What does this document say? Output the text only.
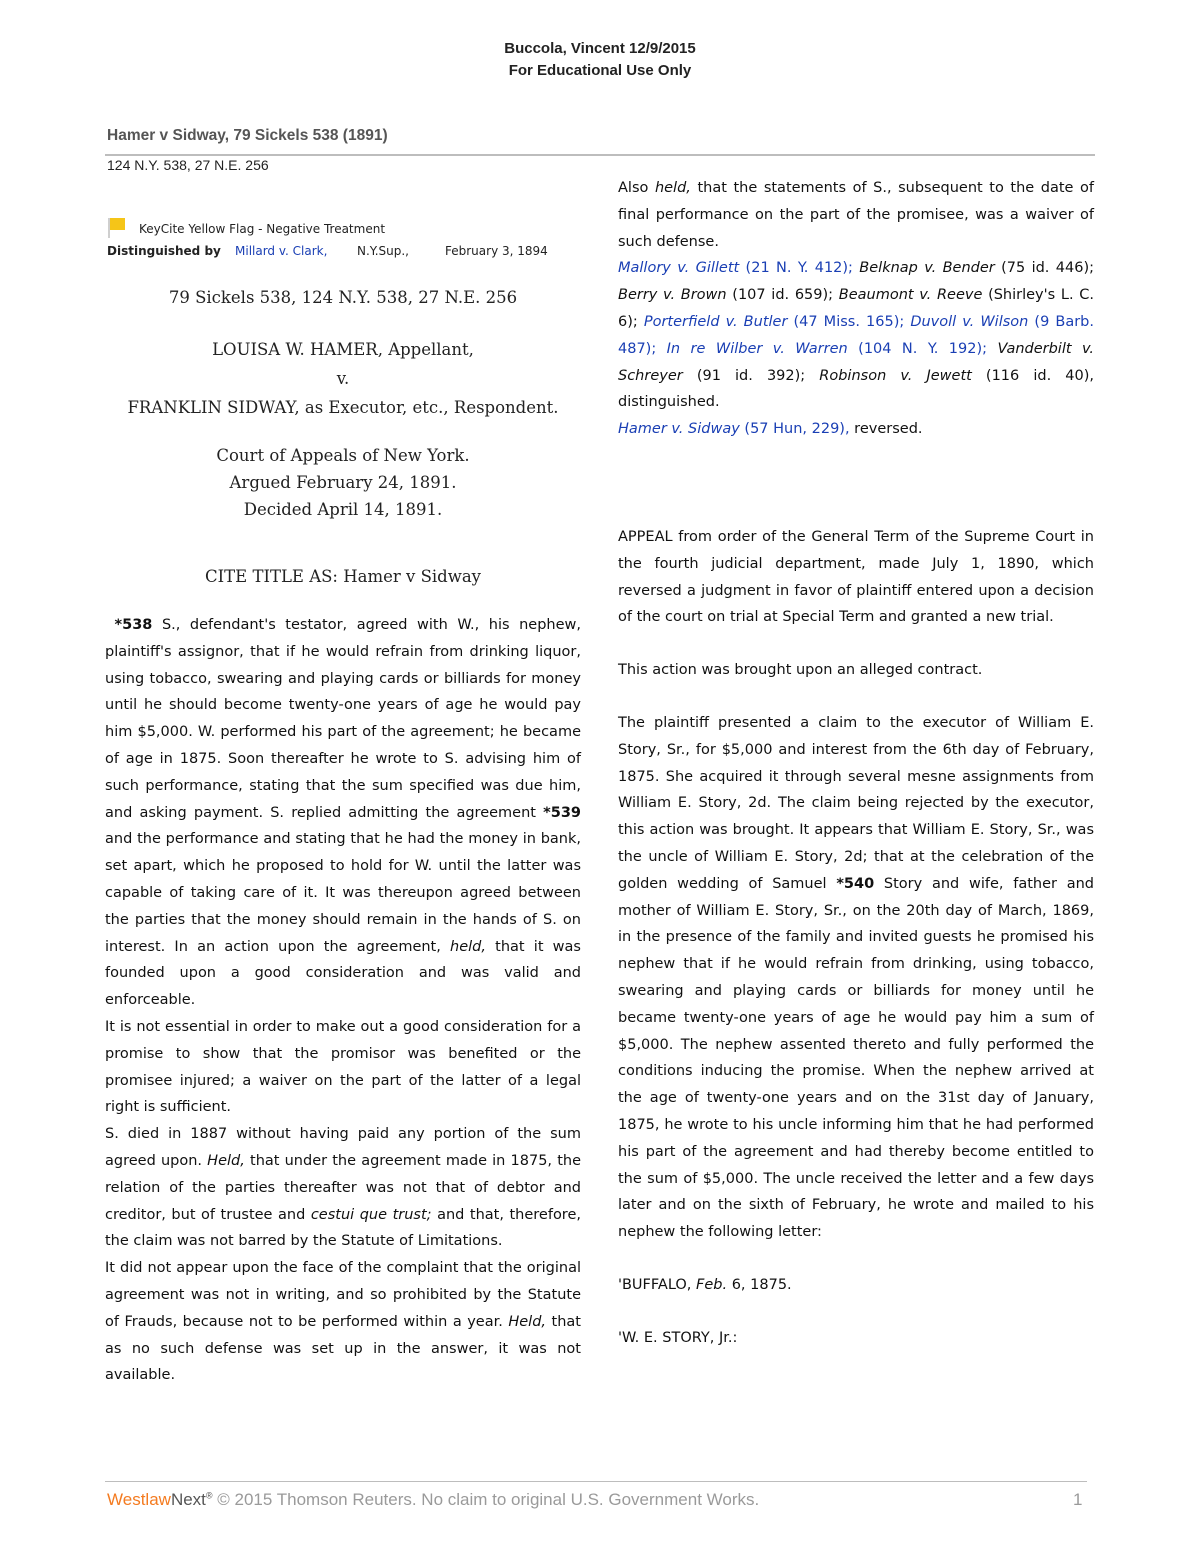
Buccola, Vincent 12/9/2015
For Educational Use Only
Hamer v Sidway, 79 Sickels 538 (1891)
124 N.Y. 538, 27 N.E. 256
KeyCite Yellow Flag - Negative Treatment
Distinguished by Millard v. Clark, N.Y.Sup.,	February 3, 1894
79 Sickels 538, 124 N.Y. 538, 27 N.E. 256
LOUISA W. HAMER, Appellant,
v.
FRANKLIN SIDWAY, as Executor, etc., Respondent.
Court of Appeals of New York.
Argued February 24, 1891.
Decided April 14, 1891.
CITE TITLE AS: Hamer v Sidway

*538 S., defendant's testator, agreed with W., his nephew, plaintiff's assignor, that if he would refrain from drinking liquor, using tobacco, swearing and playing cards or billiards for money until he should become twenty-one years of age he would pay him $5,000. W. performed his part of the agreement; he became of age in 1875. Soon thereafter he wrote to S. advising him of such performance, stating that the sum specified was due him, and asking payment. S. replied admitting the agreement *539 and the performance and stating that he had the money in bank, set apart, which he proposed to hold for W. until the latter was capable of taking care of it. It was thereupon agreed between the parties that the money should remain in the hands of S. on interest. In an action upon the agreement, held, that it was founded upon a good consideration and was valid and enforceable.

It is not essential in order to make out a good consideration for a promise to show that the promisor was benefited or the promisee injured; a waiver on the part of the latter of a legal right is sufficient.

S. died in 1887 without having paid any portion of the sum agreed upon. Held, that under the agreement made in 1875, the relation of the parties thereafter was not that of debtor and creditor, but of trustee and cestui que trust; and that, therefore, the claim was not barred by the Statute of Limitations.

It did not appear upon the face of the complaint that the original agreement was not in writing, and so prohibited by the Statute of Frauds, because not to be performed within a year. Held, that as no such defense was set up in the answer, it was not available.

Also held, that the statements of S., subsequent to the date of final performance on the part of the promisee, was a waiver of such defense.

Mallory v. Gillett (21 N. Y. 412); Belknap v. Bender (75 id. 446); Berry v. Brown (107 id. 659); Beaumont v. Reeve (Shirley's L. C. 6); Porterfield v. Butler (47 Miss. 165); Duvoll v. Wilson (9 Barb. 487); In re Wilber v. Warren (104 N. Y. 192); Vanderbilt v. Schreyer (91 id. 392); Robinson v. Jewett (116 id. 40), distinguished.

Hamer v. Sidway (57 Hun, 229), reversed.

APPEAL from order of the General Term of the Supreme Court in the fourth judicial department, made July 1, 1890, which reversed a judgment in favor of plaintiff entered upon a decision of the court on trial at Special Term and granted a new trial.

This action was brought upon an alleged contract.

The plaintiff presented a claim to the executor of William E. Story, Sr., for $5,000 and interest from the 6th day of February, 1875. She acquired it through several mesne assignments from William E. Story, 2d. The claim being rejected by the executor, this action was brought. It appears that William E. Story, Sr., was the uncle of William E. Story, 2d; that at the celebration of the golden wedding of Samuel *540 Story and wife, father and mother of William E. Story, Sr., on the 20th day of March, 1869, in the presence of the family and invited guests he promised his nephew that if he would refrain from drinking, using tobacco, swearing and playing cards or billiards for money until he became twenty-one years of age he would pay him a sum of $5,000. The nephew assented thereto and fully performed the conditions inducing the promise. When the nephew arrived at the age of twenty-one years and on the 31st day of January, 1875, he wrote to his uncle informing him that he had performed his part of the agreement and had thereby become entitled to the sum of $5,000. The uncle received the letter and a few days later and on the sixth of February, he wrote and mailed to his nephew the following letter:

'BUFFALO, Feb. 6, 1875.

'W. E. STORY, Jr.:

WestlawNext® © 2015 Thomson Reuters. No claim to original U.S. Government Works.	1
